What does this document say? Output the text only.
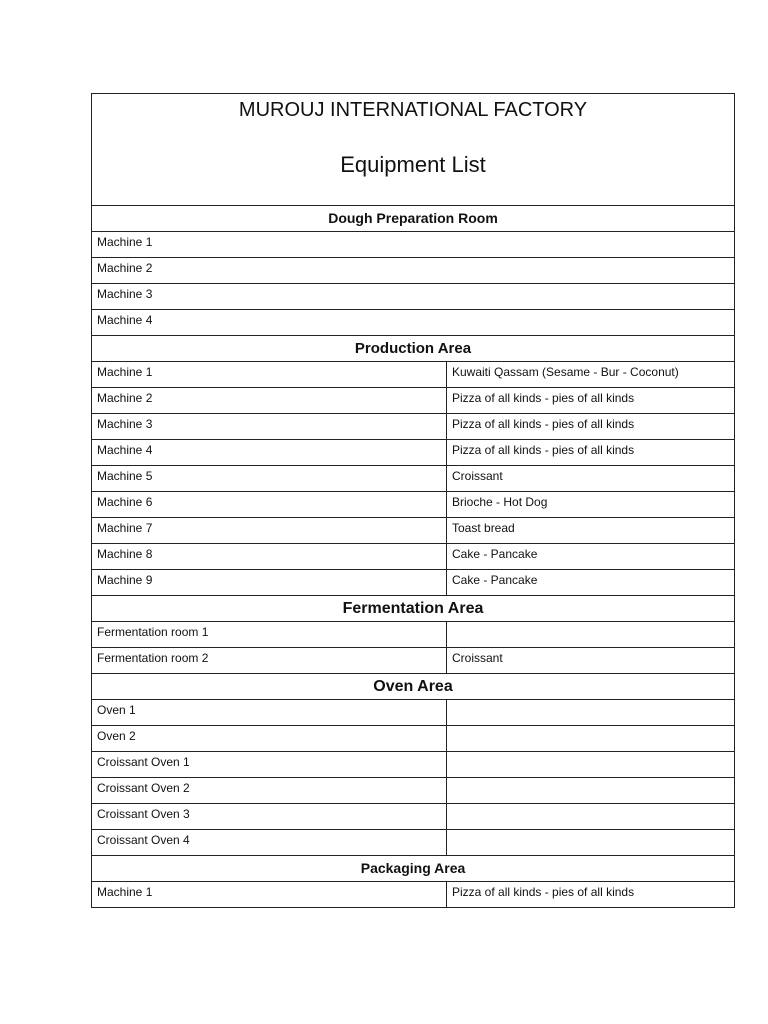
MUROUJ INTERNATIONAL FACTORY
Equipment List	

Dough Preparation Room	

Machine 1	

Machine 2	

Machine 3	

Machine 4	

Production Area	

Machine 1	Kuwaiti Qassam (Sesame - Bur - Coconut)

Machine 2	Pizza of all kinds - pies of all kinds

Machine 3	Pizza of all kinds - pies of all kinds

Machine 4	Pizza of all kinds - pies of all kinds

Machine 5	Croissant

Machine 6	Brioche - Hot Dog

Machine 7	Toast bread

Machine 8	Cake - Pancake

Machine 9	Cake - Pancake

Fermentation Area	

Fermentation room 1	

Fermentation room 2	Croissant

Oven Area	

Oven 1	

Oven 2	

Croissant Oven 1	

Croissant Oven 2	

Croissant Oven 3	

Croissant Oven 4	

Packaging Area	

Machine 1	Pizza of all kinds - pies of all kinds
